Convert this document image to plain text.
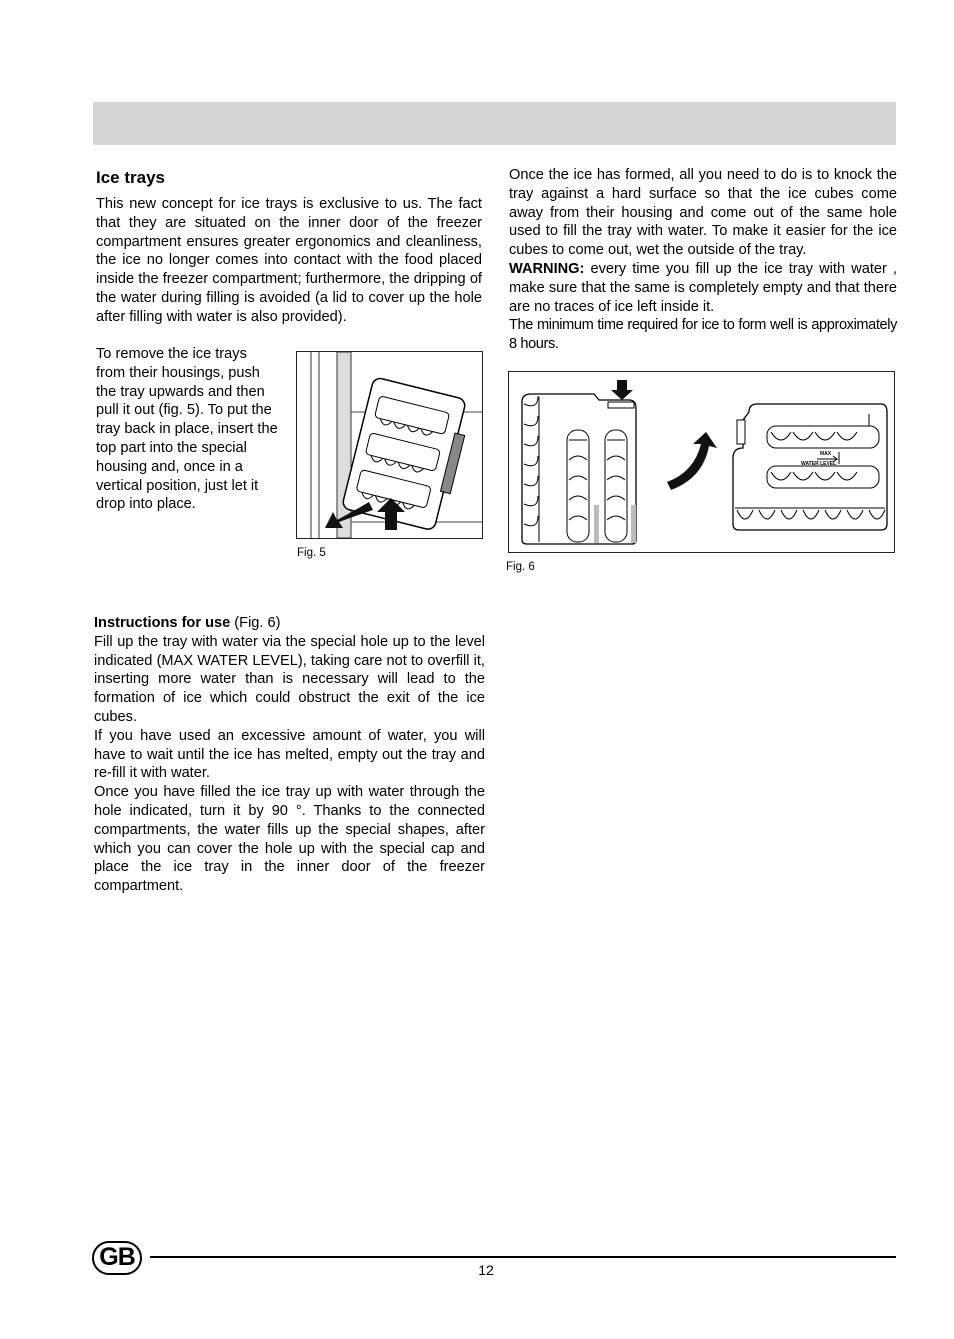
Ice trays

This new concept for ice trays is exclusive to us. The fact that they are situated on the inner door of the freezer compartment ensures greater ergonomics and cleanliness, the ice no longer comes into contact with the food placed inside the freezer compartment; furthermore, the dripping of the water during filling is avoided (a lid to cover up the hole after filling with water is also provided).

To remove the ice trays from their housings, push the tray upwards and then pull it out (fig. 5). To put the tray back in place, insert the top part into the special housing and, once in a vertical position, just let it drop into place.

Fig. 5

Once the ice has formed, all you need to do is to knock the tray against a hard surface so that the ice cubes come away from their housing and come out of the same hole used to fill the tray with water. To make it easier for the ice cubes to come out, wet the outside of the tray.

WARNING: every time you fill up the ice tray with water , make sure that the same is completely empty and that there are no traces of ice left inside it.

The minimum time required for ice to form well is approximately 8 hours.

MAX
WATER LEVEL
Fig. 6

Instructions for use (Fig. 6)

Fill up the tray with water via the special hole up to the level indicated (MAX WATER LEVEL), taking care not to overfill it, inserting more water than is necessary will lead to the formation of ice which could obstruct the exit of the ice cubes.

If you have used an excessive amount of water, you will have to wait until the ice has melted, empty out the tray and re-fill it with water.

Once you have filled the ice tray up with water through the hole indicated, turn it by 90 °. Thanks to the connected compartments, the water fills up the special shapes, after which you can cover the hole up with the special cap and place the ice tray in the inner door of the freezer compartment.

GB	12
